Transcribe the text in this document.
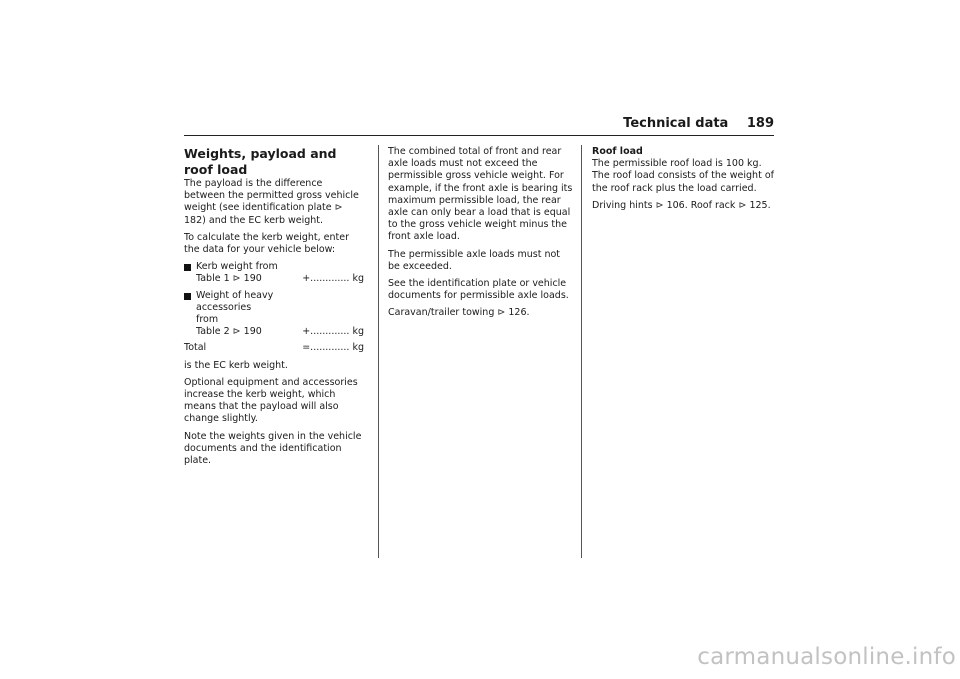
Technical data 189
Weights, payload and roof load

The payload is the difference between the permitted gross vehicle weight (see identification plate ⊳ 182) and the EC kerb weight.

To calculate the kerb weight, enter the data for your vehicle below:

Kerb weight from
Table 1 ⊳ 190	+............. kg
Weight of heavy accessories from
Table 2 ⊳ 190	+............. kg
Total	=............. kg

is the EC kerb weight.

Optional equipment and accessories increase the kerb weight, which means that the payload will also change slightly.

Note the weights given in the vehicle documents and the identification plate.

The combined total of front and rear axle loads must not exceed the permissible gross vehicle weight. For example, if the front axle is bearing its maximum permissible load, the rear axle can only bear a load that is equal to the gross vehicle weight minus the front axle load.

The permissible axle loads must not be exceeded.

See the identification plate or vehicle documents for permissible axle loads.

Caravan/trailer towing ⊳ 126.

Roof load

The permissible roof load is 100 kg. The roof load consists of the weight of the roof rack plus the load carried.

Driving hints ⊳ 106. Roof rack ⊳ 125.

carmanualsonline.info
